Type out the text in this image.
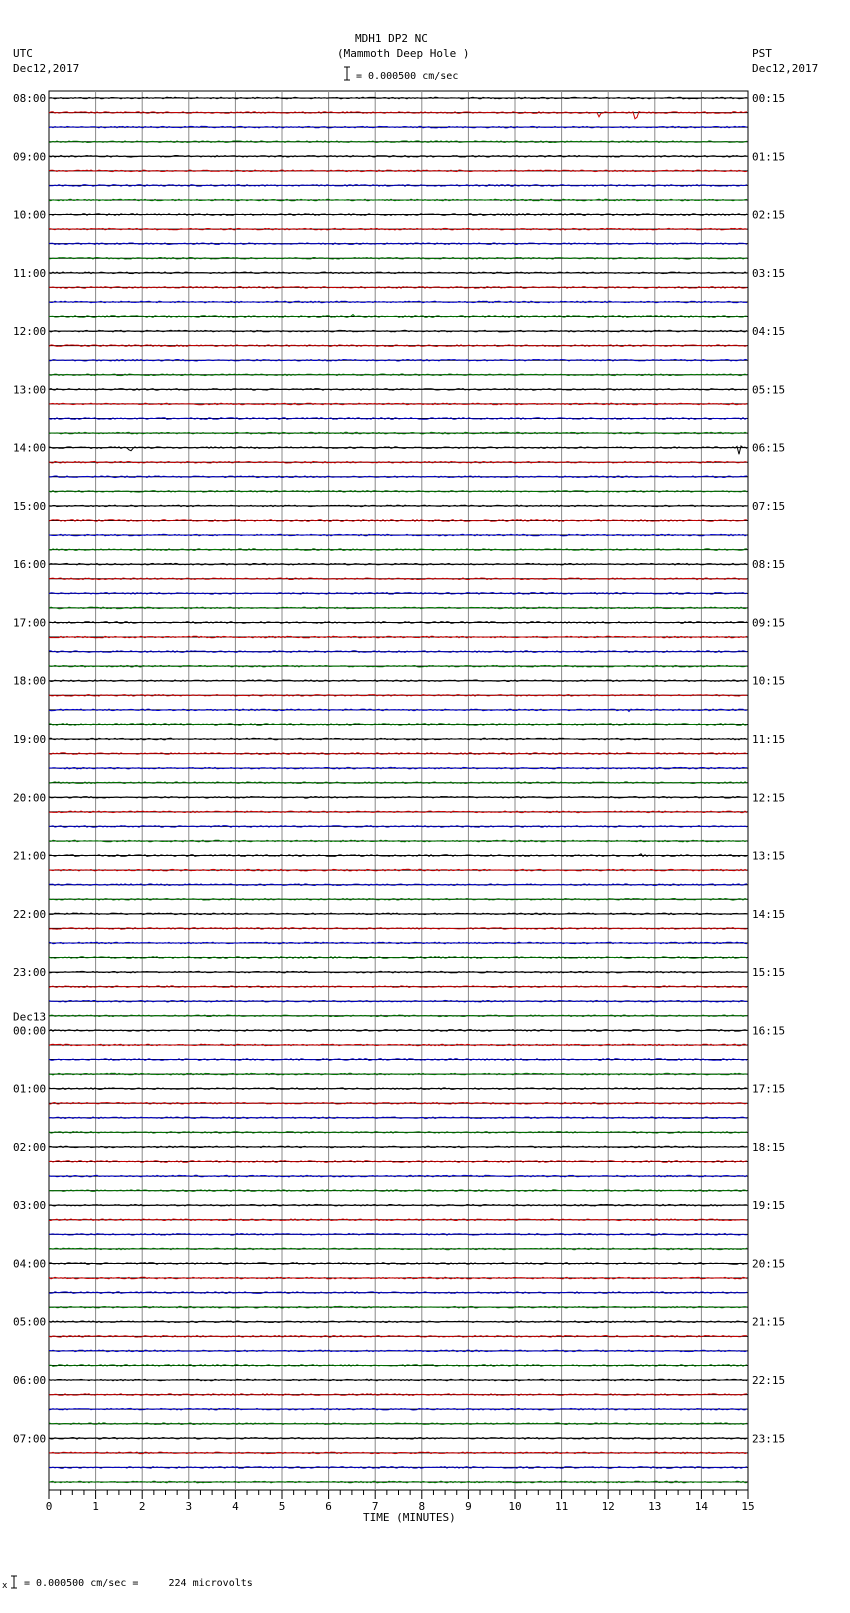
08:00
09:00
10:00
11:00
12:00
13:00
14:00
15:00
16:00
17:00
18:00
19:00
20:00
21:00
22:00
23:00
Dec13
00:00
01:00
02:00
03:00
04:00
05:00
06:00
07:00
00:15
01:15
02:15
03:15
04:15
05:15
06:15
07:15
08:15
09:15
10:15
11:15
12:15
13:15
14:15
15:15
16:15
17:15
18:15
19:15
20:15
21:15
22:15
23:15
0	1	2	3	4	5	6	7	8	9	10	11	12	13	14	15
MDH1 DP2 NC
(Mammoth Deep Hole )
= 0.000500 cm/sec
UTC
Dec12,2017
PST
Dec12,2017
TIME (MINUTES)
x = 0.000500 cm/sec =     224 microvolts
